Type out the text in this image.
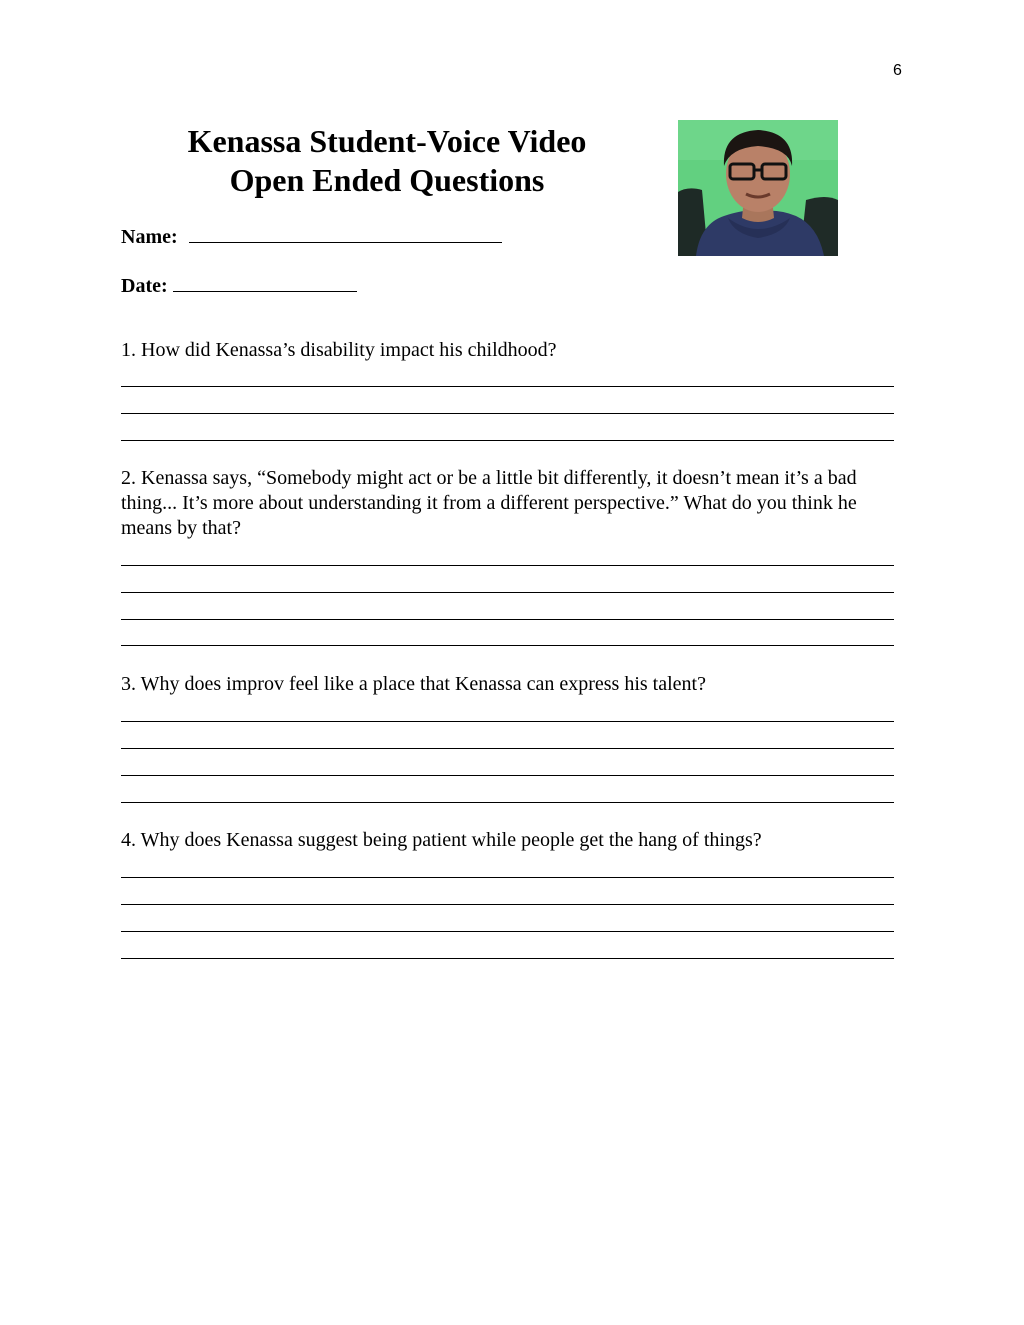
6
Kenassa Student-Voice Video
Open Ended Questions
Name:
Date:
1. How did Kenassa’s disability impact his childhood?
2. Kenassa says, “Somebody might act or be a little bit differently, it doesn’t mean it’s a bad thing... It’s more about understanding it from a different perspective.” What do you think he means by that?
3. Why does improv feel like a place that Kenassa can express his talent?
4. Why does Kenassa suggest being patient while people get the hang of things?
